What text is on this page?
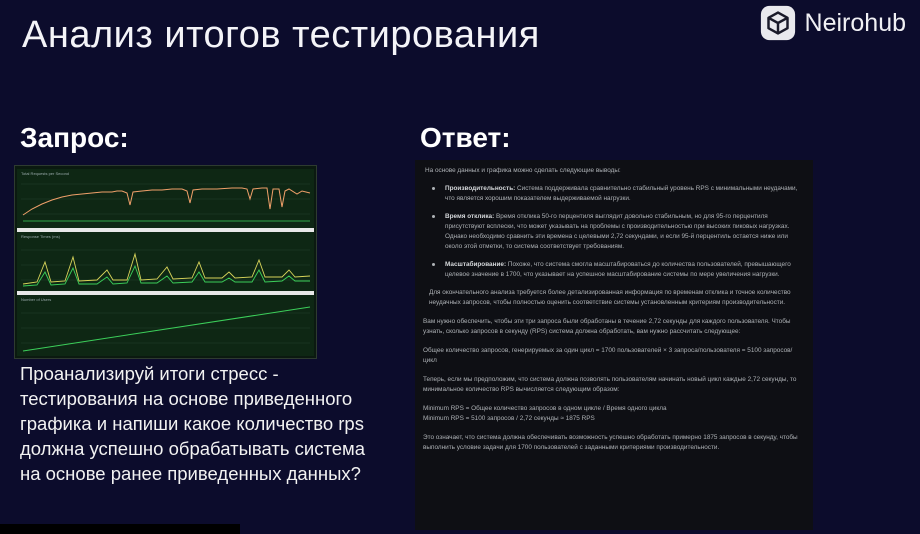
Анализ итогов тестирования	Neirohub
Запрос:	Ответ:
Total Requests per Second
Response Times (ms)
Number of Users
Проанализируй итоги стресс - тестирования на основе приведенного графика и напиши какое количество rps должна успешно обрабатывать система на основе ранее приведенных данных?

На основе данных и графика можно сделать следующие выводы:

Производительность: Система поддерживала сравнительно стабильный уровень RPS с минимальными неудачами, что является хорошим показателем выдерживаемой нагрузки.
Время отклика: Время отклика 50-го перцентиля выглядит довольно стабильным, но для 95-го перцентиля присутствуют всплески, что может указывать на проблемы с производительностью при высоких пиковых нагрузках. Однако необходимо сравнить эти времена с целевыми 2,72 секундами, и если 95-й перцентиль остается ниже или около этой отметки, то система соответствует требованиям.
Масштабирование: Похоже, что система смогла масштабироваться до количества пользователей, превышающего целевое значение в 1700, что указывает на успешное масштабирование системы по мере увеличения нагрузки.

Для окончательного анализа требуется более детализированная информация по временам отклика и точное количество неудачных запросов, чтобы полностью оценить соответствие системы установленным критериям производительности.

Вам нужно обеспечить, чтобы эти три запроса были обработаны в течение 2,72 секунды для каждого пользователя. Чтобы узнать, сколько запросов в секунду (RPS) система должна обработать, вам нужно рассчитать следующее:

Общее количество запросов, генерируемых за один цикл = 1700 пользователей × 3 запроса/пользователя = 5100 запросов/цикл

Теперь, если мы предположим, что система должна позволять пользователям начинать новый цикл каждые 2,72 секунды, то минимальное количество RPS вычисляется следующим образом:

Minimum RPS = Общее количество запросов в одном цикле / Время одного цикла

Minimum RPS = 5100 запросов / 2,72 секунды ≈ 1875 RPS

Это означает, что система должна обеспечивать возможность успешно обработать примерно 1875 запросов в секунду, чтобы выполнить условие задачи для 1700 пользователей с заданными критериями производительности.
